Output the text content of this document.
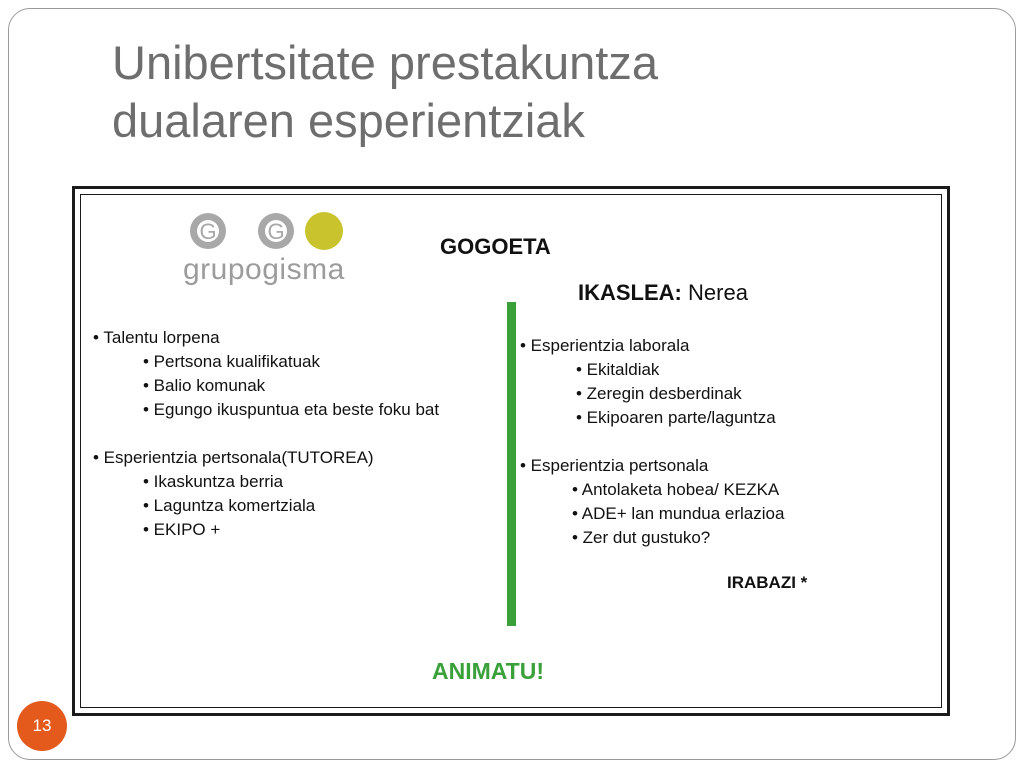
Unibertsitate prestakuntza
dualaren esperientziak
G G
grupogisma
GOGOETA
IKASLEA: Nerea
• Talentu lorpena
• Pertsona kualifikatuak
• Balio komunak
• Egungo ikuspuntua eta beste foku bat
• Esperientzia pertsonala(TUTOREA)
• Ikaskuntza berria
• Laguntza komertziala
• EKIPO +
• Esperientzia laborala
• Ekitaldiak
• Zeregin desberdinak
• Ekipoaren parte/laguntza
• Esperientzia pertsonala
• Antolaketa hobea/ KEZKA
• ADE+ lan mundua erlazioa
• Zer dut gustuko?
IRABAZI *
ANIMATU!
13
